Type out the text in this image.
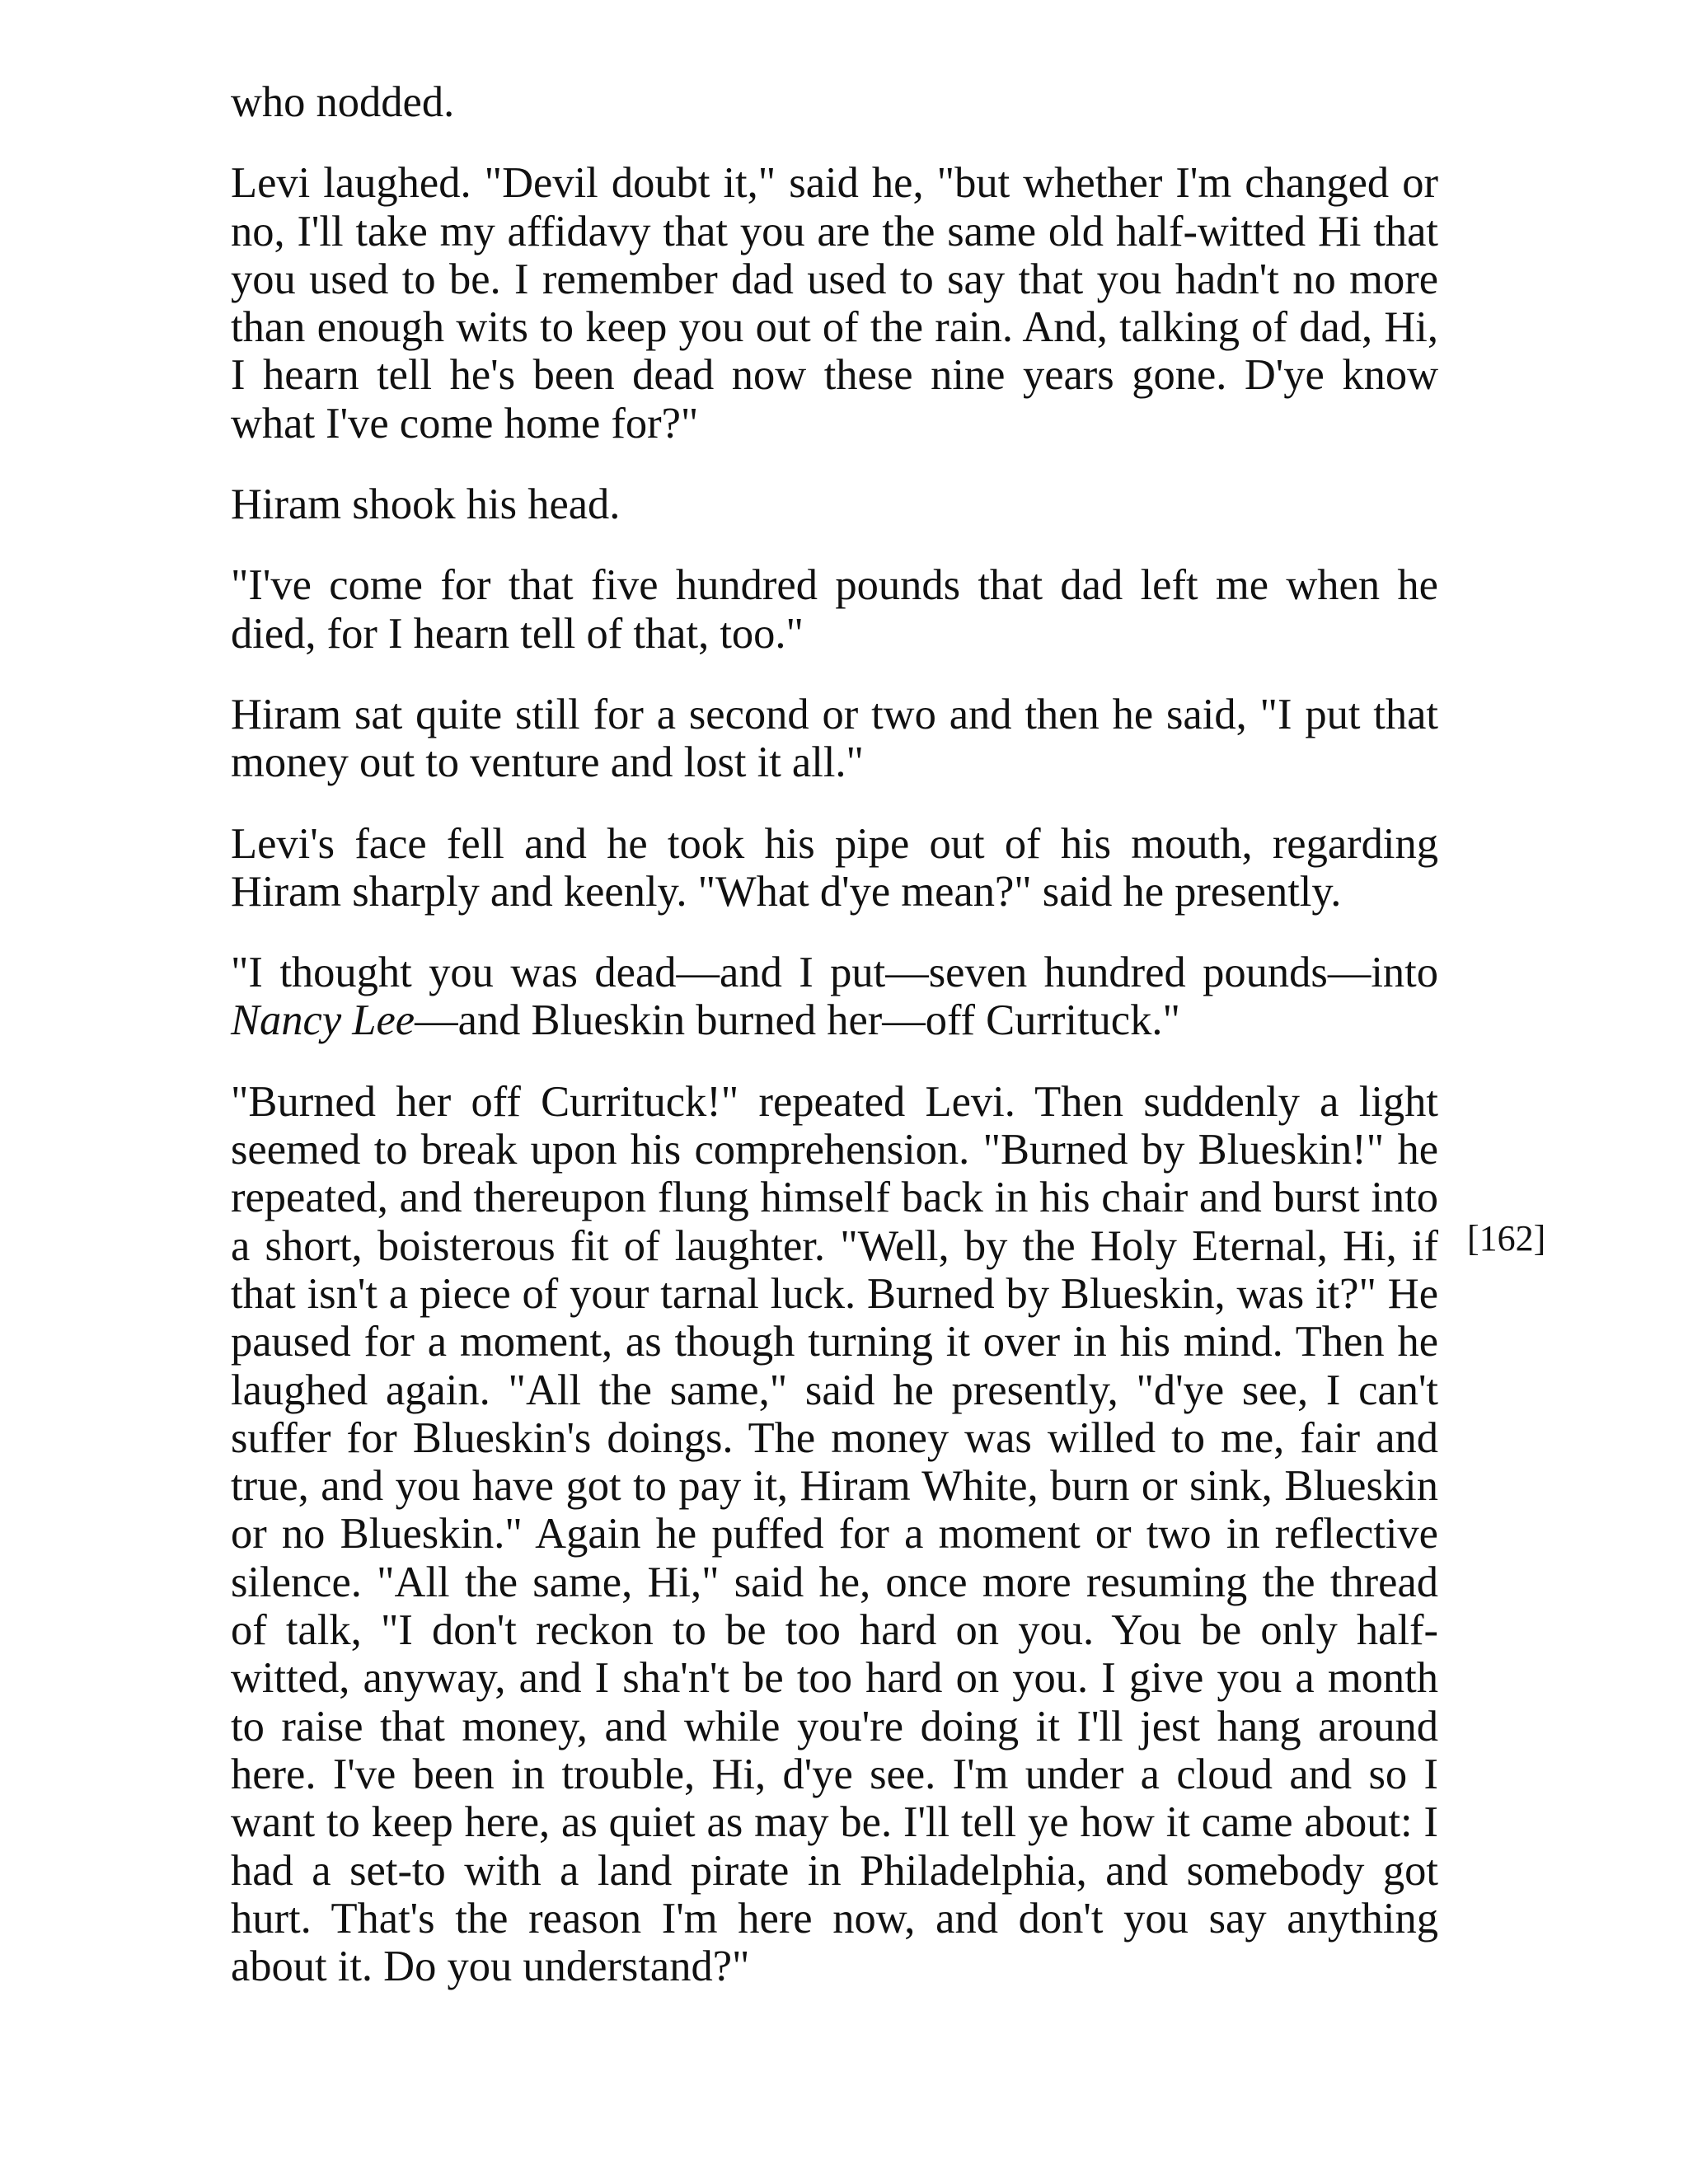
who nodded.

Levi laughed. "Devil doubt it," said he, "but whether I'm changed or no, I'll take my affidavy that you are the same old half-witted Hi that you used to be. I remember dad used to say that you hadn't no more than enough wits to keep you out of the rain. And, talking of dad, Hi, I hearn tell he's been dead now these nine years gone. D'ye know what I've come home for?"

Hiram shook his head.

"I've come for that five hundred pounds that dad left me when he died, for I hearn tell of that, too."

Hiram sat quite still for a second or two and then he said, "I put that money out to venture and lost it all."

Levi's face fell and he took his pipe out of his mouth, regarding Hiram sharply and keenly. "What d'ye mean?" said he presently.

"I thought you was dead—and I put—seven hundred pounds—into Nancy Lee—and Blueskin burned her—off Currituck."

"Burned her off Currituck!" repeated Levi. Then suddenly a light seemed to break upon his comprehension. "Burned by Blueskin!" he repeated, and thereupon flung himself back in his chair and burst into a short, boisterous fit of laughter. "Well, by the Holy Eternal, Hi, if that isn't a piece of your tarnal luck. Burned by Blueskin, was it?" He paused for a moment, as though turning it over in his mind. Then he laughed again. "All the same," said he presently, "d'ye see, I can't suffer for Blueskin's doings. The money was willed to me, fair and true, and you have got to pay it, Hiram White, burn or sink, Blueskin or no Blueskin." Again he puffed for a moment or two in reflective silence. "All the same, Hi," said he, once more resuming the thread of talk, "I don't reckon to be too hard on you. You be only half-witted, anyway, and I sha'n't be too hard on you. I give you a month to raise that money, and while you're doing it I'll jest hang around here. I've been in trouble, Hi, d'ye see. I'm under a cloud and so I want to keep here, as quiet as may be. I'll tell ye how it came about: I had a set-to with a land pirate in Philadelphia, and somebody got hurt. That's the reason I'm here now, and don't you say anything about it. Do you understand?"

[162]
